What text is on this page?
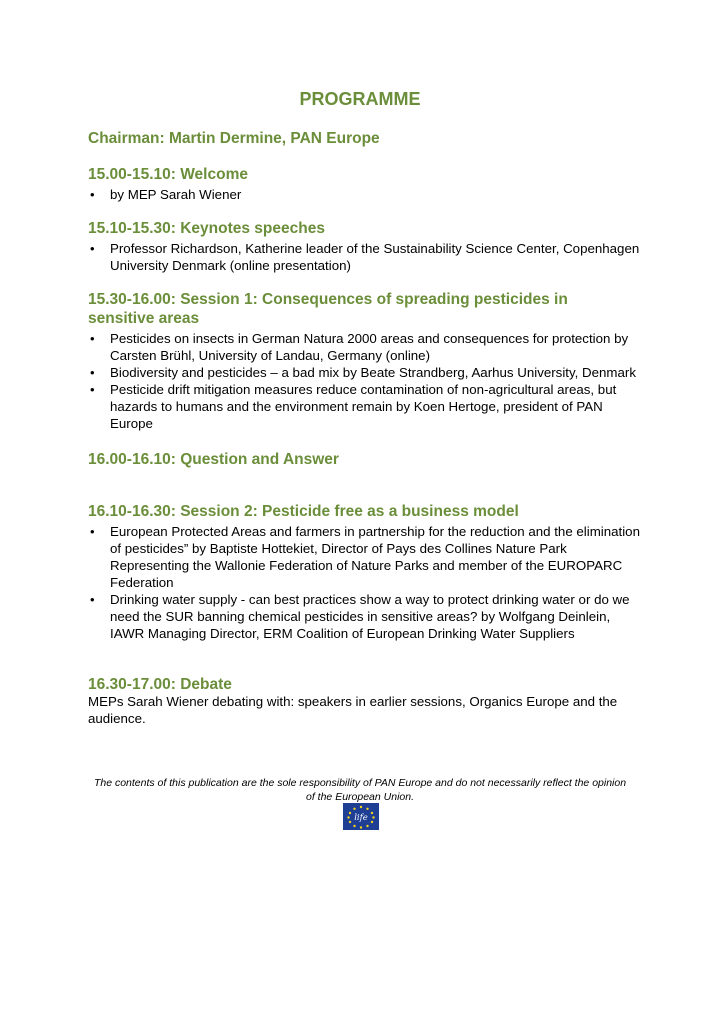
PROGRAMME
Chairman: Martin Dermine, PAN Europe
15.00-15.10: Welcome
• by MEP Sarah Wiener
15.10-15.30: Keynotes speeches
• Professor Richardson, Katherine leader of the Sustainability Science Center, Copenhagen University Denmark (online presentation)
15.30-16.00: Session 1: Consequences of spreading pesticides in sensitive areas
• Pesticides on insects in German Natura 2000 areas and consequences for protection by Carsten Brühl, University of Landau, Germany (online)
• Biodiversity and pesticides – a bad mix by Beate Strandberg, Aarhus University, Denmark
• Pesticide drift mitigation measures reduce contamination of non-agricultural areas, but hazards to humans and the environment remain by Koen Hertoge, president of PAN Europe
16.00-16.10: Question and Answer
16.10-16.30: Session 2: Pesticide free as a business model
• European Protected Areas and farmers in partnership for the reduction and the elimination of pesticides” by Baptiste Hottekiet, Director of Pays des Collines Nature Park Representing the Wallonie Federation of Nature Parks and member of the EUROPARC Federation
• Drinking water supply - can best practices show a way to protect drinking water or do we need the SUR banning chemical pesticides in sensitive areas? by Wolfgang Deinlein, IAWR Managing Director, ERM Coalition of European Drinking Water Suppliers
16.30-17.00: Debate
MEPs Sarah Wiener debating with: speakers in earlier sessions, Organics Europe and the audience.
The contents of this publication are the sole responsibility of PAN Europe and do not necessarily reflect the opinion of the European Union.
life
